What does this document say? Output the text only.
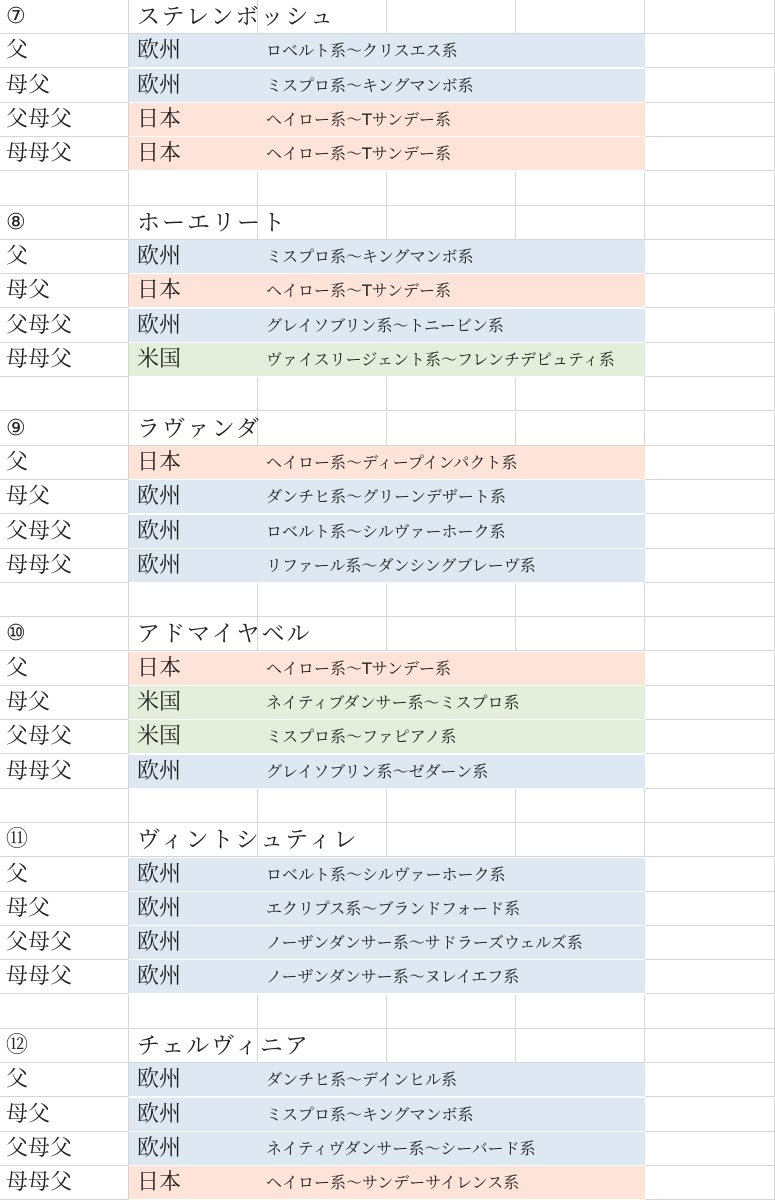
⑦	ステレンボッシュ
父	欧州	ロベルト系〜クリスエス系
母父	欧州	ミスプロ系〜キングマンボ系
父母父	日本	ヘイロー系〜Tサンデー系
母母父	日本	ヘイロー系〜Tサンデー系
⑧	ホーエリート
父	欧州	ミスプロ系〜キングマンボ系
母父	日本	ヘイロー系〜Tサンデー系
父母父	欧州	グレイソブリン系〜トニービン系
母母父	米国	ヴァイスリージェント系〜フレンチデピュティ系
⑨	ラヴァンダ
父	日本	ヘイロー系〜ディープインパクト系
母父	欧州	ダンチヒ系〜グリーンデザート系
父母父	欧州	ロベルト系〜シルヴァーホーク系
母母父	欧州	リファール系〜ダンシングブレーヴ系
⑩	アドマイヤベル
父	日本	ヘイロー系〜Tサンデー系
母父	米国	ネイティブダンサー系〜ミスプロ系
父母父	米国	ミスプロ系〜ファピアノ系
母母父	欧州	グレイソブリン系〜ゼダーン系
⑪	ヴィントシュティレ
父	欧州	ロベルト系〜シルヴァーホーク系
母父	欧州	エクリプス系〜ブランドフォード系
父母父	欧州	ノーザンダンサー系〜サドラーズウェルズ系
母母父	欧州	ノーザンダンサー系〜ヌレイエフ系
⑫	チェルヴィニア
父	欧州	ダンチヒ系〜デインヒル系
母父	欧州	ミスプロ系〜キングマンボ系
父母父	欧州	ネイティヴダンサー系〜シーバード系
母母父	日本	ヘイロー系〜サンデーサイレンス系
